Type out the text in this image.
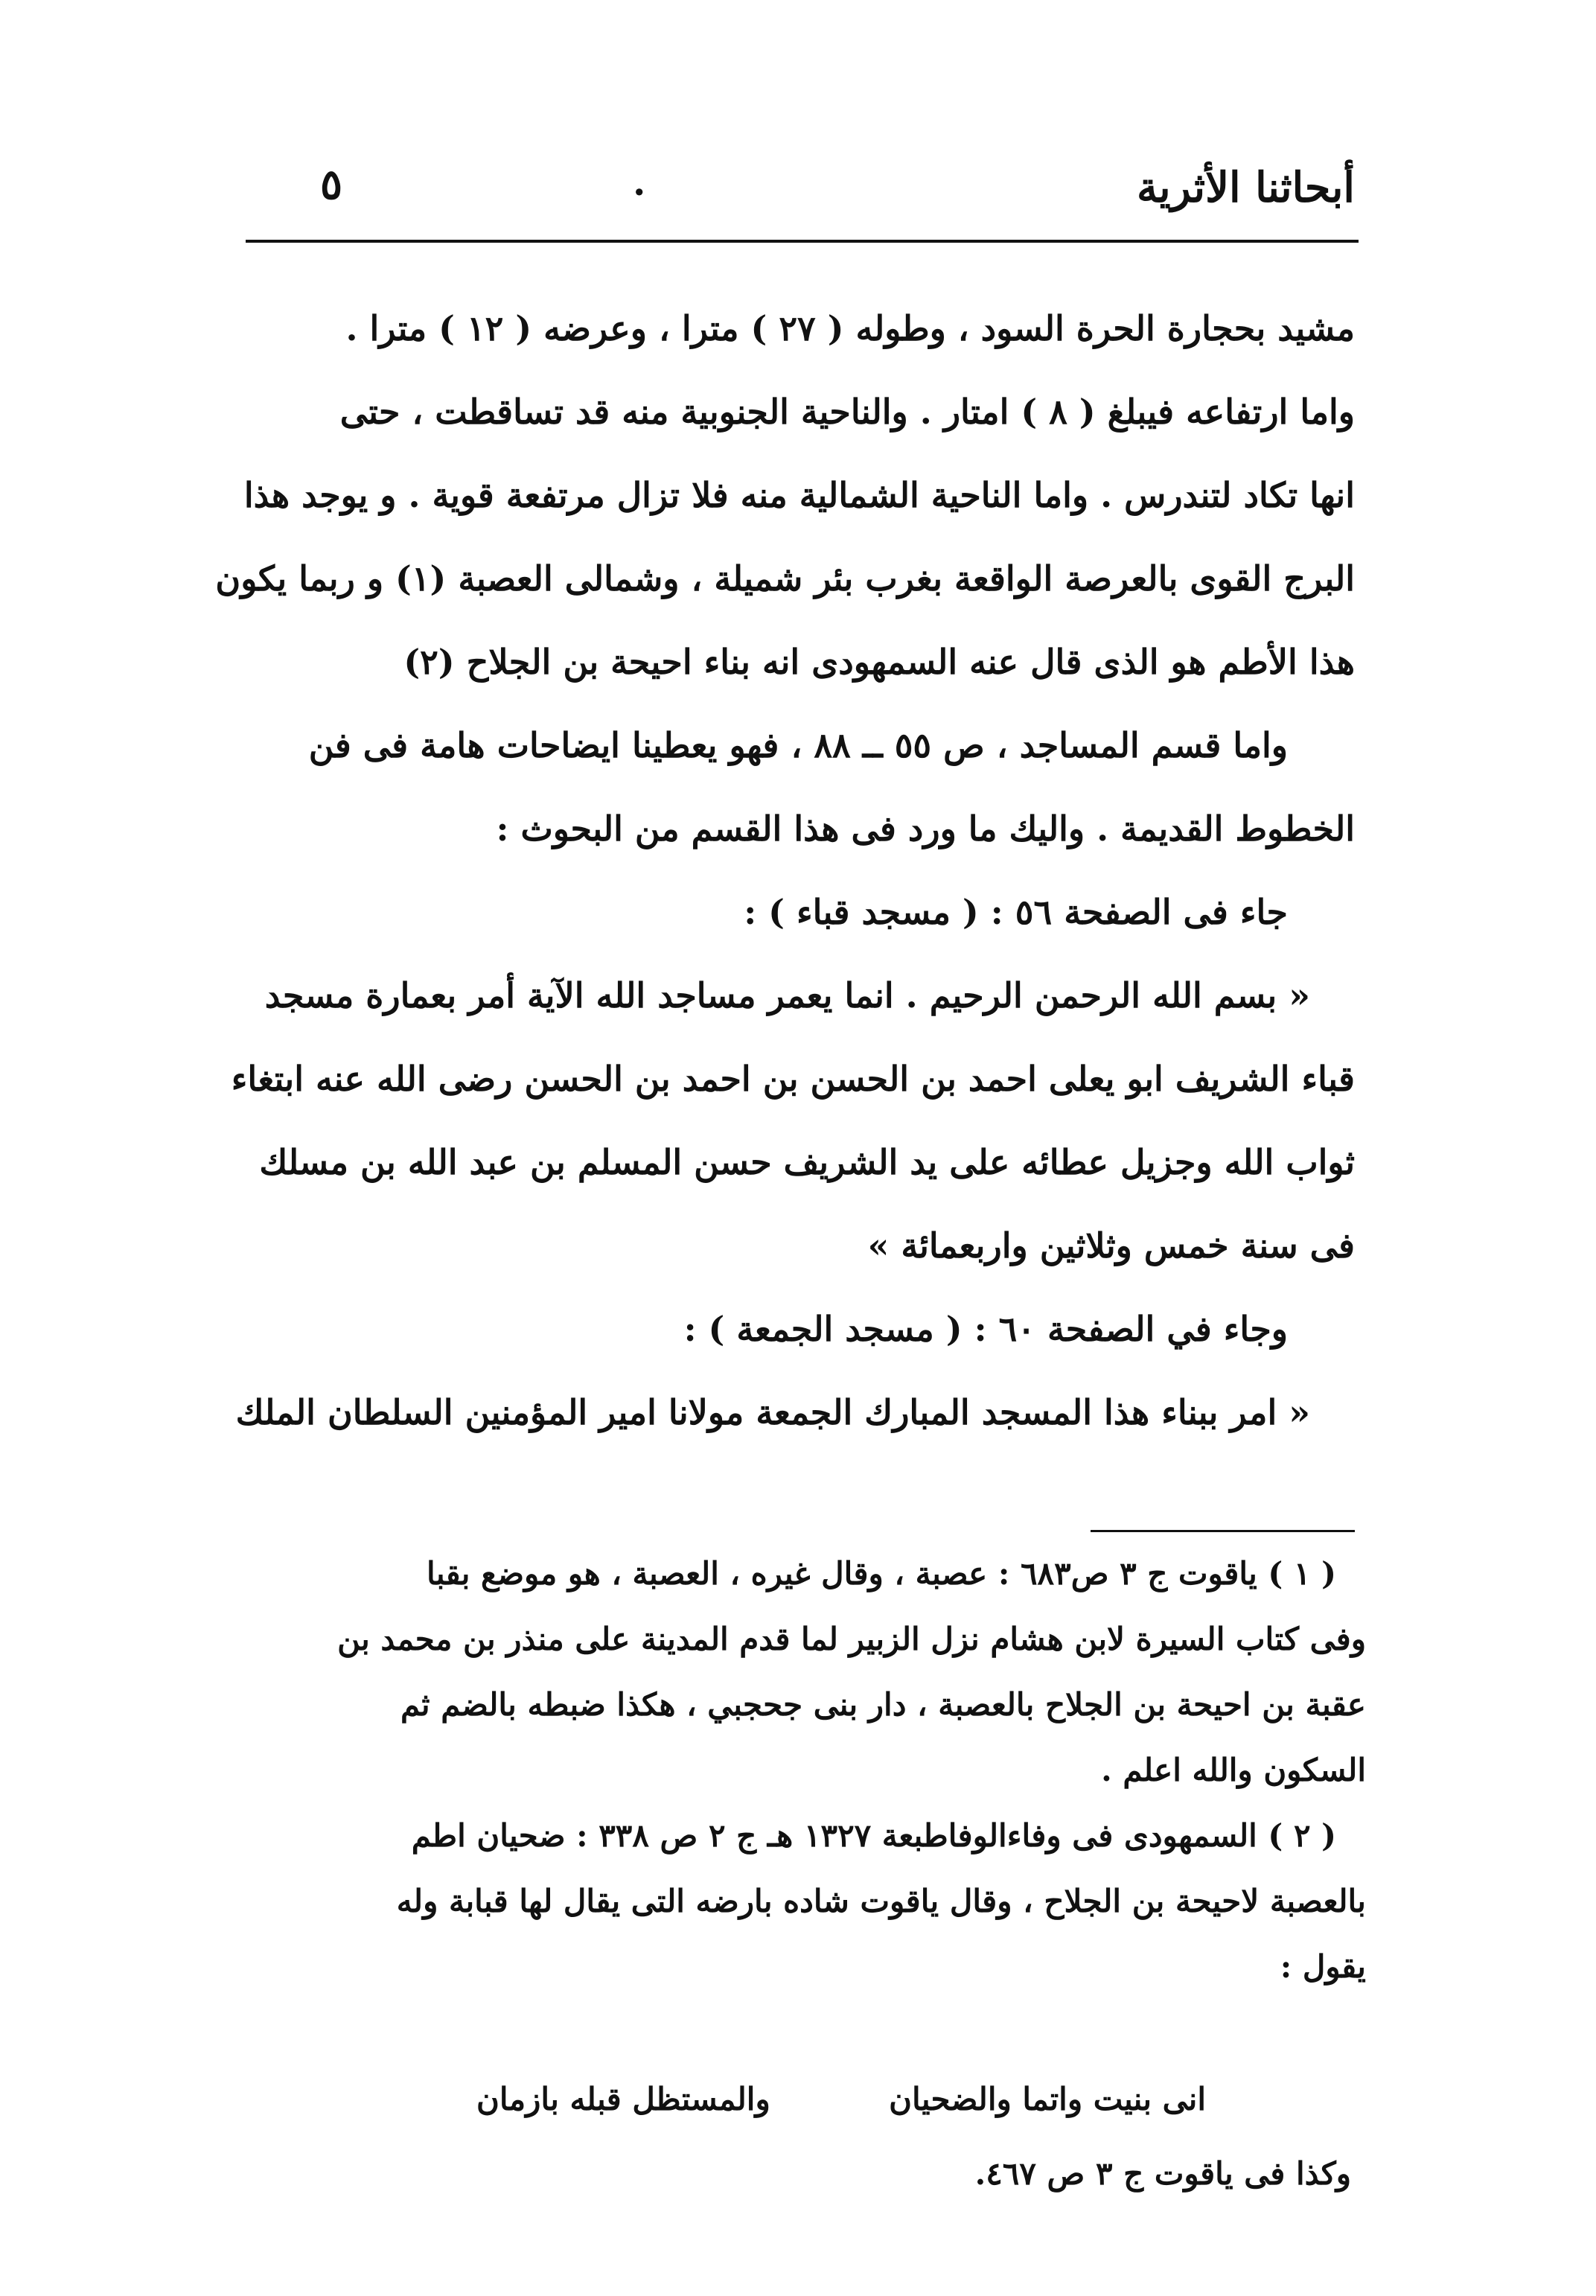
أبحاثنا الأثرية
.
٥
مشيد بحجارة الحرة السود ، وطوله ( ٢٧ ) مترا ، وعرضه ( ١٢ ) مترا .
واما ارتفاعه فيبلغ ( ٨ ) امتار . والناحية الجنوبية منه قد تساقطت ، حتى
انها تكاد لتندرس . واما الناحية الشمالية منه فلا تزال مرتفعة قوية . و يوجد هذا
البرج القوى بالعرصة الواقعة بغرب بئر شميلة ، وشمالى العصبة (١) و ربما يكون
هذا الأطم هو الذى قال عنه السمهودى انه بناء احيحة بن الجلاح (٢)
واما قسم المساجد ، ص ٥٥ ــ ٨٨ ، فهو يعطينا ايضاحات هامة فى فن
الخطوط القديمة . واليك ما ورد فى هذا القسم من البحوث :
جاء فى الصفحة ٥٦ : ( مسجد قباء ) :
« بسم الله الرحمن الرحيم . انما يعمر مساجد الله الآية أمر بعمارة مسجد
قباء الشريف ابو يعلى احمد بن الحسن بن احمد بن الحسن رضى الله عنه ابتغاء
ثواب الله وجزيل عطائه على يد الشريف حسن المسلم بن عبد الله بن مسلك
فى سنة خمس وثلاثين واربعمائة »
وجاء في الصفحة ٦٠ : ( مسجد الجمعة ) :
« امر ببناء هذا المسجد المبارك الجمعة مولانا امير المؤمنين السلطان الملك
( ١ ) ياقوت ج ٣ ص٦٨٣ : عصبة ، وقال غيره ، العصبة ، هو موضع بقبا
وفى كتاب السيرة لابن هشام نزل الزبير لما قدم المدينة على منذر بن محمد بن
عقبة بن احيحة بن الجلاح بالعصبة ، دار بنى جحجبي ، هكذا ضبطه بالضم ثم
السكون والله اعلم .
( ٢ ) السمهودى فى وفاءالوفاطبعة ١٣٢٧ هـ ج ٢ ص ٣٣٨ : ضحيان اطم
بالعصبة لاحيحة بن الجلاح ، وقال ياقوت شاده بارضه التى يقال لها قبابة وله
يقول :
انى بنيت واتما والضحيان
والمستظل قبله بازمان
وكذا فى ياقوت ج ٣ ص ٤٦٧.
